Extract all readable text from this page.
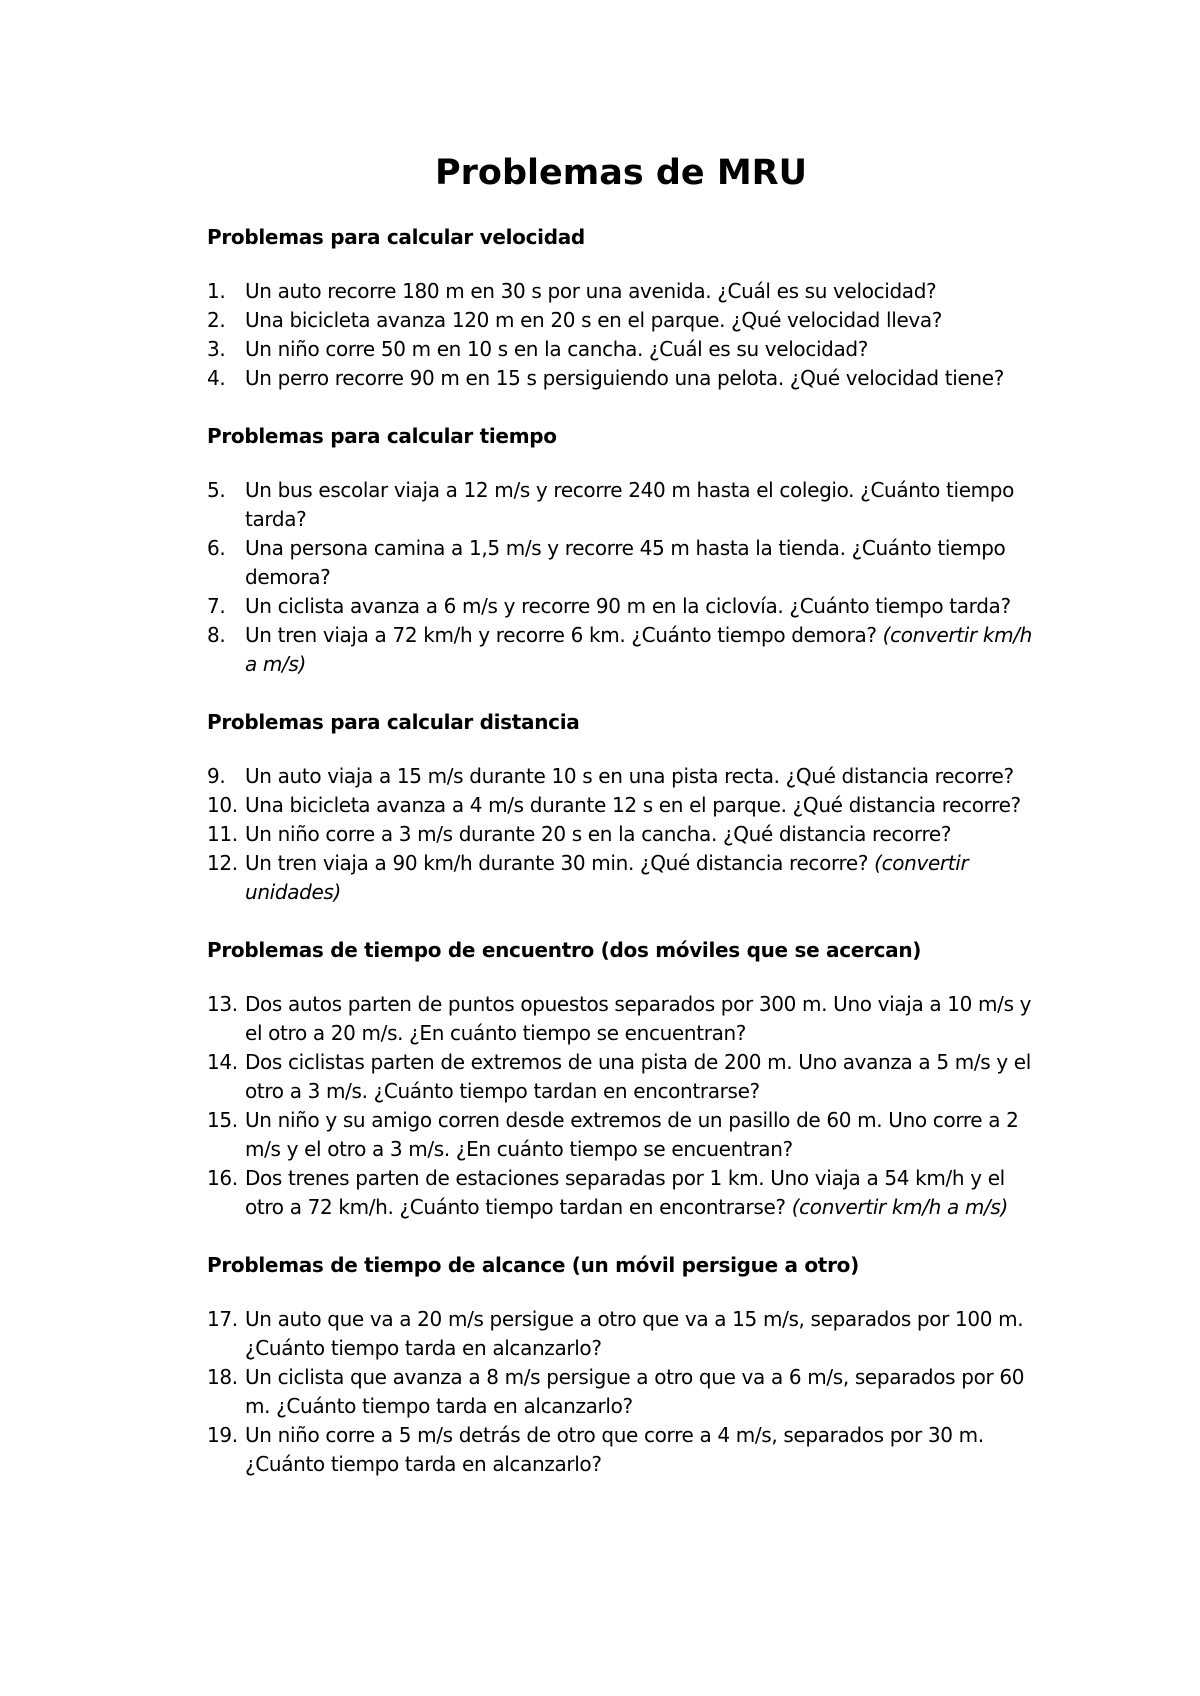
Problemas de MRU
Problemas para calcular velocidad
1. Un auto recorre 180 m en 30 s por una avenida. ¿Cuál es su velocidad?
2. Una bicicleta avanza 120 m en 20 s en el parque. ¿Qué velocidad lleva?
3. Un niño corre 50 m en 10 s en la cancha. ¿Cuál es su velocidad?
4. Un perro recorre 90 m en 15 s persiguiendo una pelota. ¿Qué velocidad tiene?
Problemas para calcular tiempo
5. Un bus escolar viaja a 12 m/s y recorre 240 m hasta el colegio. ¿Cuánto tiempo tarda?
6. Una persona camina a 1,5 m/s y recorre 45 m hasta la tienda. ¿Cuánto tiempo demora?
7. Un ciclista avanza a 6 m/s y recorre 90 m en la ciclovía. ¿Cuánto tiempo tarda?
8. Un tren viaja a 72 km/h y recorre 6 km. ¿Cuánto tiempo demora? (convertir km/h a m/s)
Problemas para calcular distancia
9. Un auto viaja a 15 m/s durante 10 s en una pista recta. ¿Qué distancia recorre?
10. Una bicicleta avanza a 4 m/s durante 12 s en el parque. ¿Qué distancia recorre?
11. Un niño corre a 3 m/s durante 20 s en la cancha. ¿Qué distancia recorre?
12. Un tren viaja a 90 km/h durante 30 min. ¿Qué distancia recorre? (convertir unidades)
Problemas de tiempo de encuentro (dos móviles que se acercan)
13. Dos autos parten de puntos opuestos separados por 300 m. Uno viaja a 10 m/s y el otro a 20 m/s. ¿En cuánto tiempo se encuentran?
14. Dos ciclistas parten de extremos de una pista de 200 m. Uno avanza a 5 m/s y el otro a 3 m/s. ¿Cuánto tiempo tardan en encontrarse?
15. Un niño y su amigo corren desde extremos de un pasillo de 60 m. Uno corre a 2 m/s y el otro a 3 m/s. ¿En cuánto tiempo se encuentran?
16. Dos trenes parten de estaciones separadas por 1 km. Uno viaja a 54 km/h y el otro a 72 km/h. ¿Cuánto tiempo tardan en encontrarse? (convertir km/h a m/s)
Problemas de tiempo de alcance (un móvil persigue a otro)
17. Un auto que va a 20 m/s persigue a otro que va a 15 m/s, separados por 100 m. ¿Cuánto tiempo tarda en alcanzarlo?
18. Un ciclista que avanza a 8 m/s persigue a otro que va a 6 m/s, separados por 60 m. ¿Cuánto tiempo tarda en alcanzarlo?
19. Un niño corre a 5 m/s detrás de otro que corre a 4 m/s, separados por 30 m. ¿Cuánto tiempo tarda en alcanzarlo?
